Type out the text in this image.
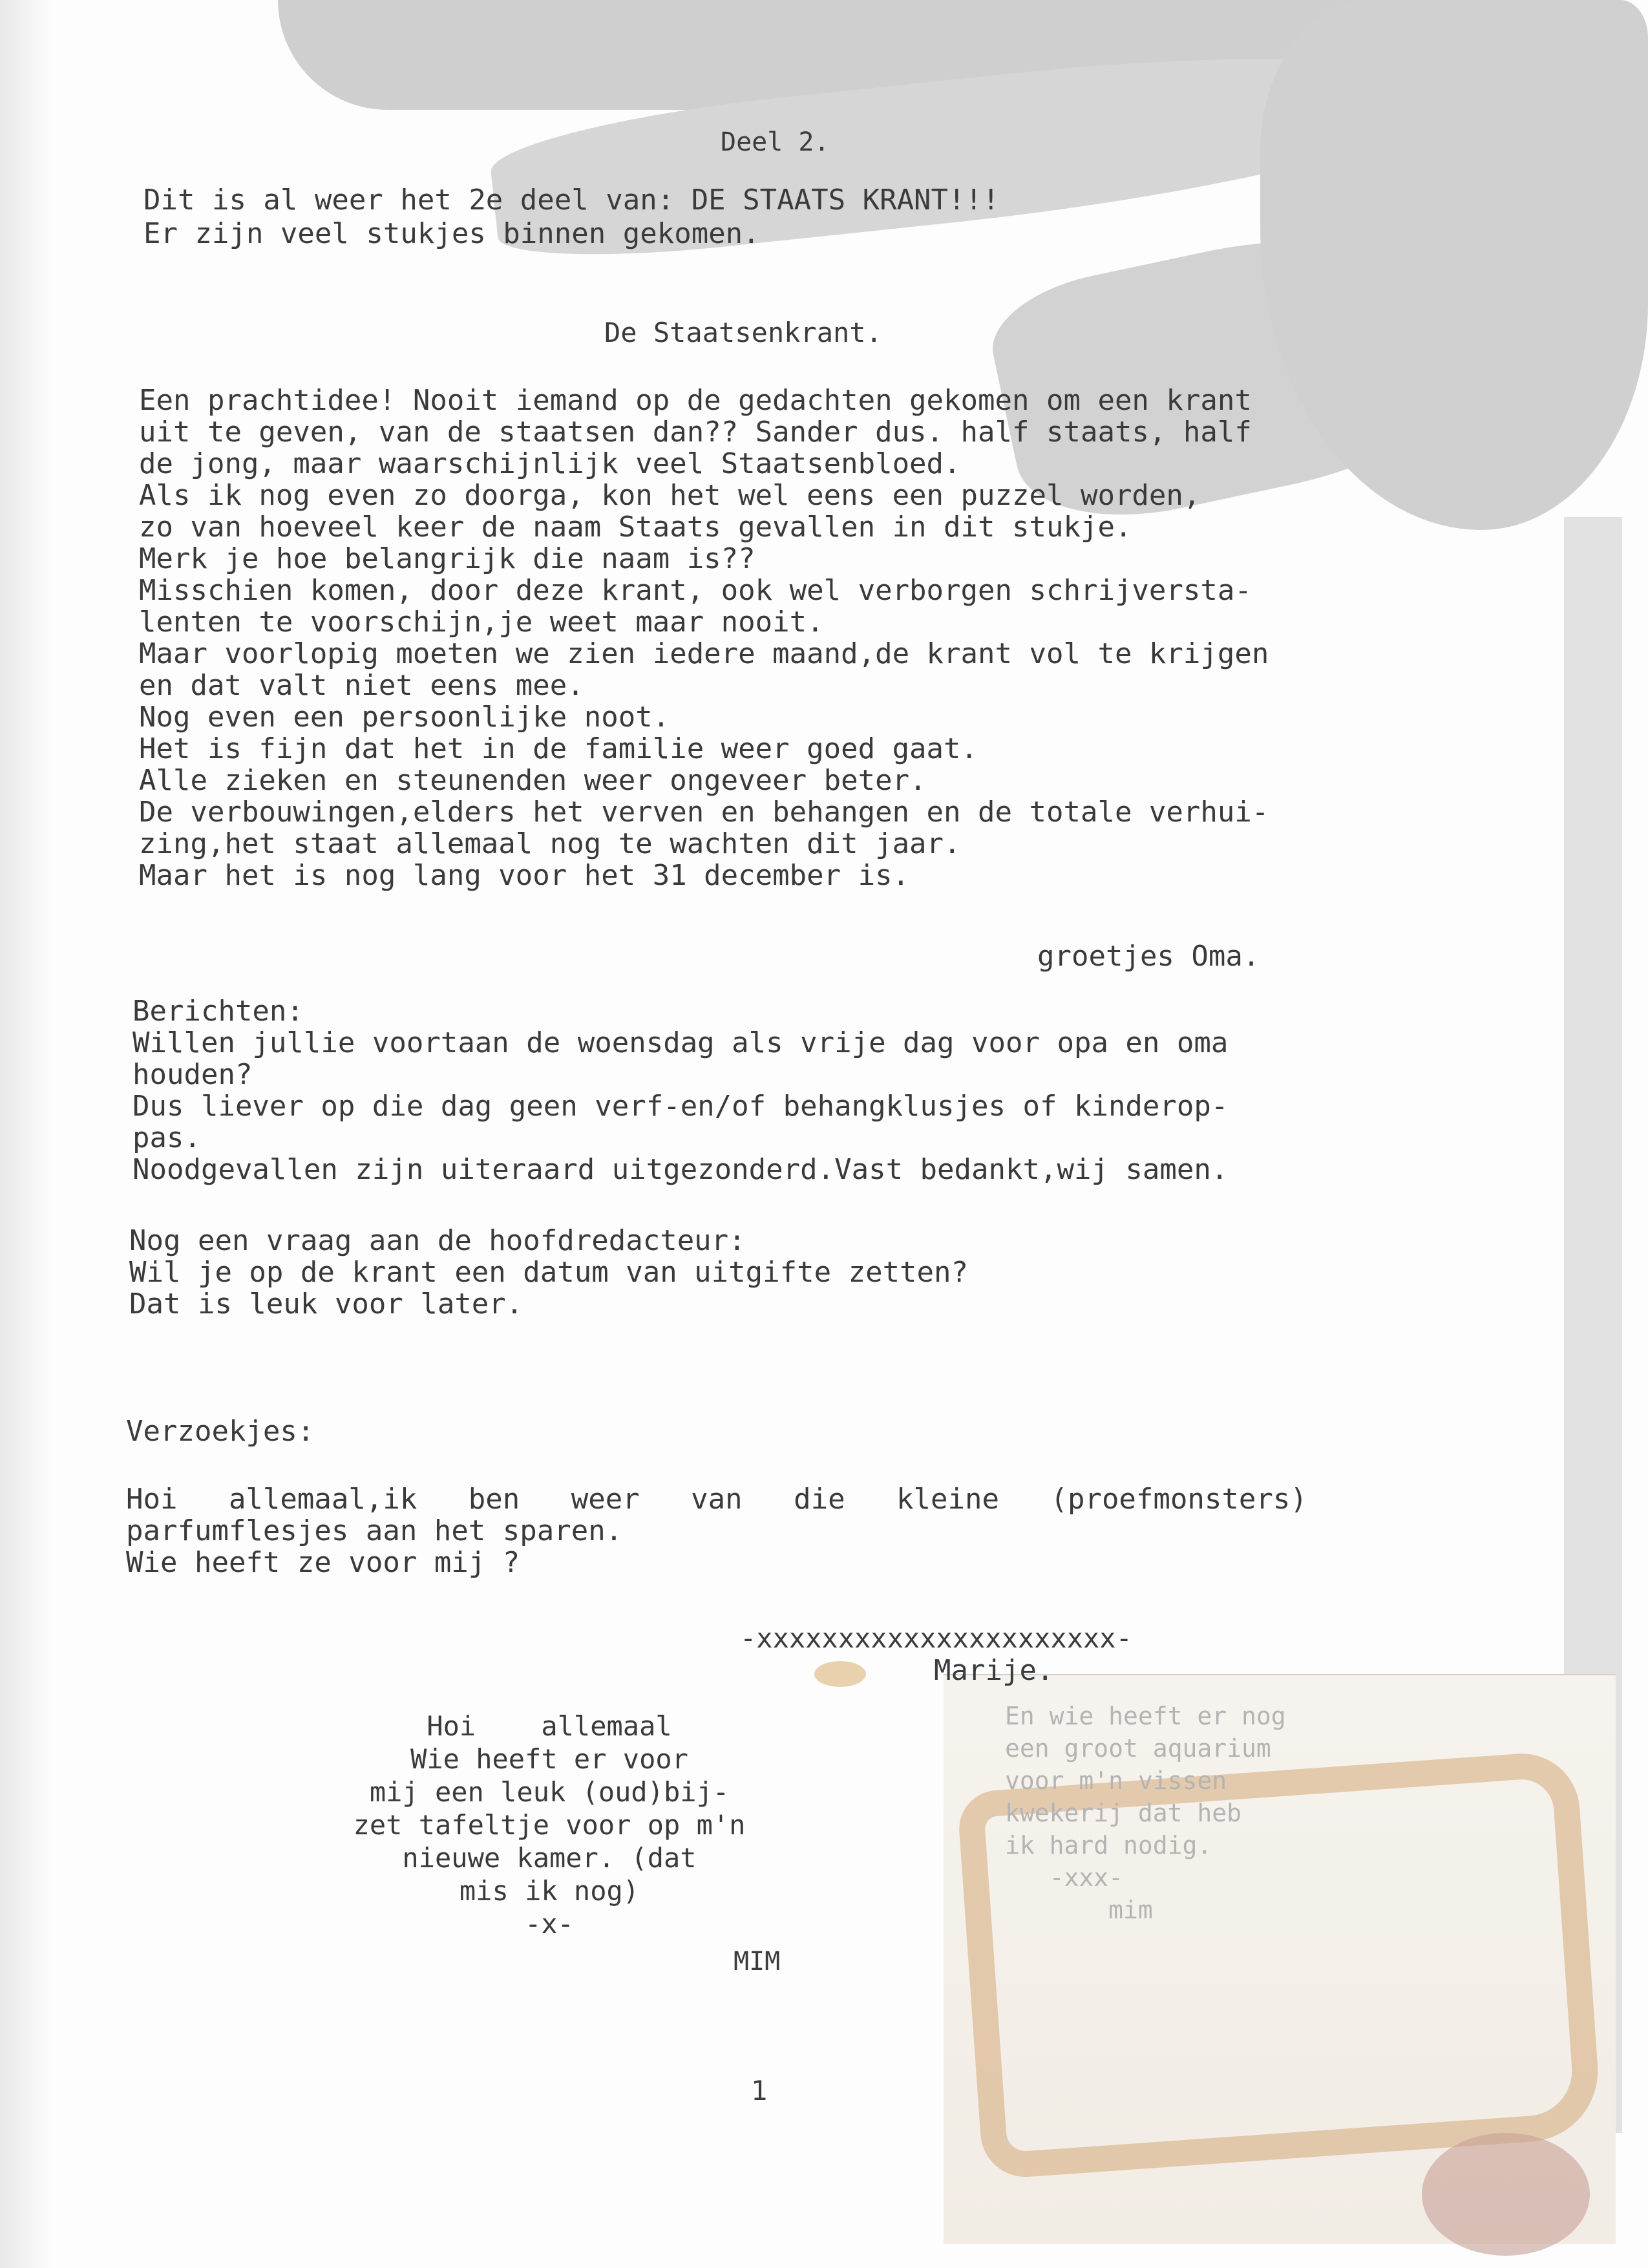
Deel 2.
Dit is al weer het 2e deel van: DE STAATS KRANT!!!
Er zijn veel stukjes binnen gekomen.
De Staatsenkrant.
Een prachtidee! Nooit iemand op de gedachten gekomen om een krant
uit te geven, van de staatsen dan?? Sander dus. half staats, half
de jong, maar waarschijnlijk veel Staatsenbloed.
Als ik nog even zo doorga, kon het wel eens een puzzel worden,
zo van hoeveel keer de naam Staats gevallen in dit stukje.
Merk je hoe belangrijk die naam is??
Misschien komen, door deze krant, ook wel verborgen schrijversta-
lenten te voorschijn,je weet maar nooit.
Maar voorlopig moeten we zien iedere maand,de krant vol te krijgen
en dat valt niet eens mee.
Nog even een persoonlijke noot.
Het is fijn dat het in de familie weer goed gaat.
Alle zieken en steunenden weer ongeveer beter.
De verbouwingen,elders het verven en behangen en de totale verhui-
zing,het staat allemaal nog te wachten dit jaar.
Maar het is nog lang voor het 31 december is.
groetjes Oma.
Berichten:
Willen jullie voortaan de woensdag als vrije dag voor opa en oma
houden?
Dus liever op die dag geen verf-en/of behangklusjes of kinderop-
pas.
Noodgevallen zijn uiteraard uitgezonderd.Vast bedankt,wij samen.
Nog een vraag aan de hoofdredacteur:
Wil je op de krant een datum van uitgifte zetten?
Dat is leuk voor later.
Verzoekjes:
Hoi   allemaal,ik   ben   weer   van   die   kleine   (proefmonsters)
parfumflesjes aan het sparen.
Wie heeft ze voor mij ?
-xxxxxxxxxxxxxxxxxxxxxx-
Marije.
Hoi    allemaal
Wie heeft er voor
mij een leuk (oud)bij-
zet tafeltje voor op m'n
nieuwe kamer. (dat
mis ik nog)
-x-
MIM
En wie heeft er nog
een groot aquarium
voor m'n vissen
kwekerij dat heb
ik hard nodig.
-xxx-
mim
1
